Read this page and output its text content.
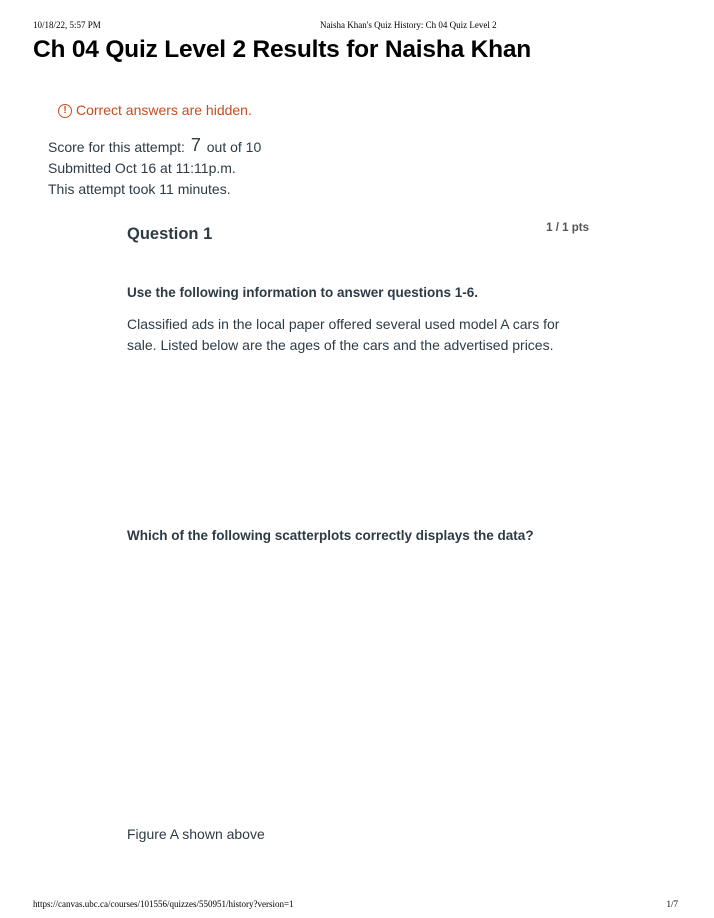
10/18/22, 5:57 PM	Naisha Khan's Quiz History: Ch 04 Quiz Level 2
Ch 04 Quiz Level 2 Results for Naisha Khan
! Correct answers are hidden.
Score for this attempt: 7 out of 10
Submitted Oct 16 at 11:11p.m.
This attempt took 11 minutes.
Question 1	1 / 1 pts
Use the following information to answer questions 1-6.
Classified ads in the local paper offered several used model A cars for sale. Listed below are the ages of the cars and the advertised prices.
Which of the following scatterplots correctly displays the data?
Figure A shown above
https://canvas.ubc.ca/courses/101556/quizzes/550951/history?version=1	1/7
